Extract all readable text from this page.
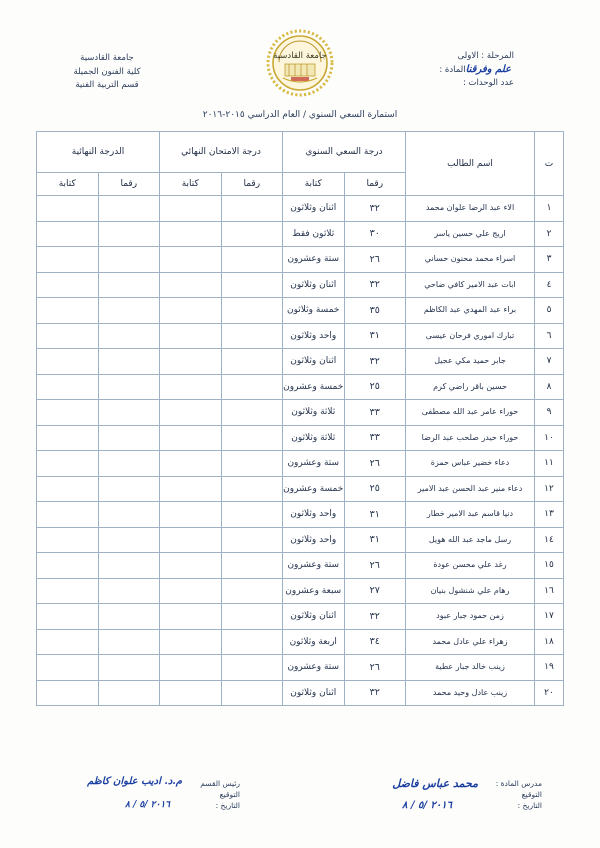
المرحلة : الاولى
علم وفرقناالمادة :
عدد الوحدات :
جامعة القادسية
جامعة القادسية
كلية الفنون الجميلة
قسم التربية الفنية
استمارة السعي السنوي / العام الدراسي ٢٠١٥-٢٠١٦
ت	اسم الطالب	درجة السعي السنوي		درجة الامتحان النهائي		الدرجة النهائية	
		رقما	كتابة	رقما	كتابة	رقما	كتابة
١	الاء عبد الرضا علوان محمد	٣٢	اثنان وثلاثون				
٢	اريج علي حسين ياسر	٣٠	ثلاثون فقط				
٣	اسراء محمد محنون حساني	٢٦	ستة وعشرون				
٤	ابات عبد الامير كافي ضاحي	٣٢	اثنان وثلاثون				
٥	براء عبد المهدي عبد الكاظم	٣٥	خمسة وثلاثون				
٦	تبارك اموري فرحان عيسى	٣١	واحد وثلاثون				
٧	جابر حميد مكي عجيل	٣٢	اثنان وثلاثون				
٨	حسين باقر راضي كرم	٢٥	خمسة وعشرون				
٩	حوراء عامر عبد الله مصطفى	٣٣	ثلاثة وثلاثون				
١٠	حوراء حيدر صلحب عبد الرضا	٣٣	ثلاثة وثلاثون				
١١	دعاء خضير عباس حمزة	٢٦	ستة وعشرون				
١٢	دعاء منير عبد الحسن عبد الامير	٢٥	خمسة وعشرون				
١٣	دنيا قاسم عبد الامير خطار	٣١	واحد وثلاثون				
١٤	رسل ماجد عبد الله هويل	٣١	واحد وثلاثون				
١٥	رغد علي محسن عودة	٢٦	ستة وعشرون				
١٦	رهام علي شنشول بنيان	٢٧	سبعة وعشرون				
١٧	زمن حمود جبار عبود	٣٢	اثنان وثلاثون				
١٨	زهراء علي عادل محمد	٣٤	اربعة وثلاثون				
١٩	زينب خالد جبار عطية	٢٦	ستة وعشرون				
٢٠	زينب عادل وحيد محمد	٣٢	اثنان وثلاثون				
مدرس المادة :
التوقيع
التاريخ :
محمد عباس فاضل
٢٠١٦ /٥ / ٨
رئيس القسم
التوقيع
التاريخ :
م.د. اديب علوان كاظم
٢٠١٦ /٥ / ٨
